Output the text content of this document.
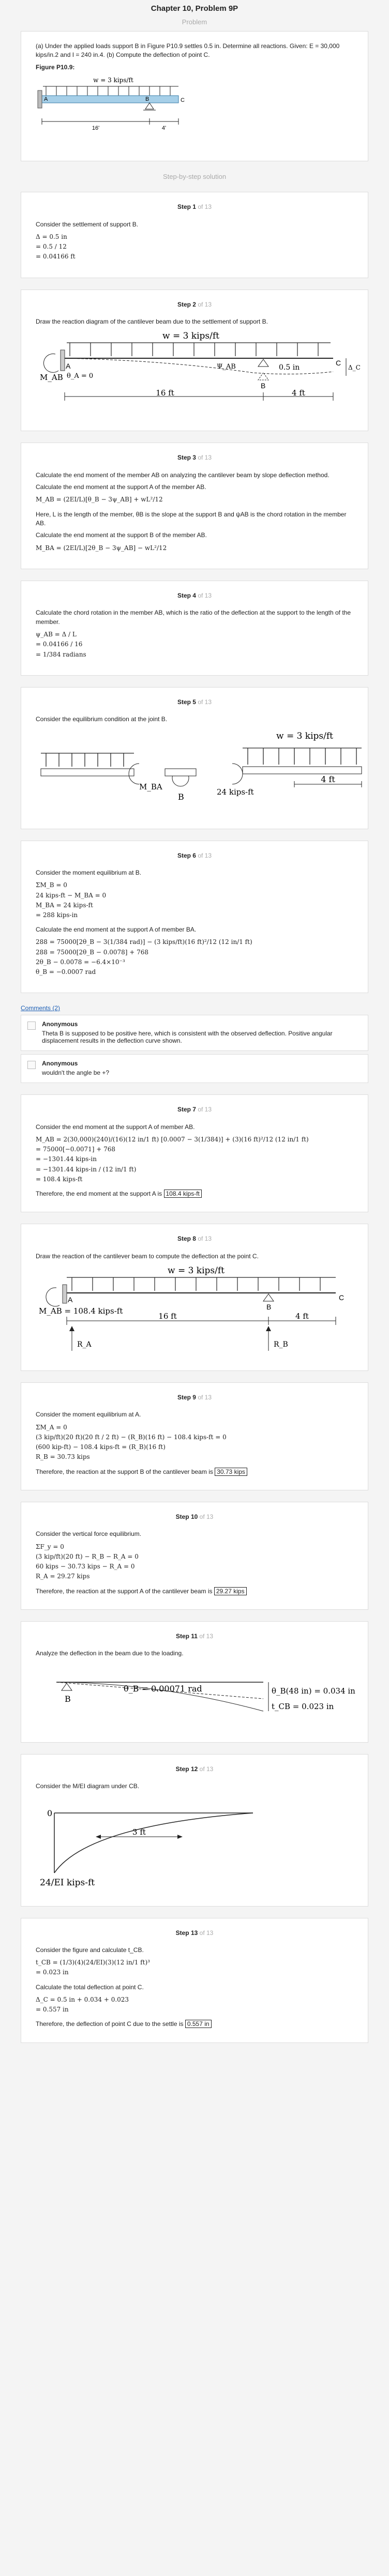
Chapter 10, Problem 9P
Problem

(a) Under the applied loads support B in Figure P10.9 settles 0.5 in. Determine all reactions. Given: E = 30,000 kips/in.2 and I = 240 in.4. (b) Compute the deflection of point C.

Figure P10.9:

w = 3 kips/ft
A	B	C
16'	4'
Step-by-step solution
Step 1 of 13

Consider the settlement of support B.

Δ = 0.5 in
= 0.5 / 12
= 0.04166 ft
Step 2 of 13

Draw the reaction diagram of the cantilever beam due to the settlement of support B.

w = 3 kips/ft
M_AB
A
θ_A = 0
Ψ_AB	0.5 in
B
C
Δ_C
16 ft	4 ft
Step 3 of 13

Calculate the end moment of the member AB on analyzing the cantilever beam by slope deflection method.

Calculate the end moment at the support A of the member AB.

M_AB = (2EI/L)[θ_B − 3ψ_AB] + wL²/12

Here, L is the length of the member, θB is the slope at the support B and ψAB is the chord rotation in the member AB.

Calculate the end moment at the support B of the member AB.

M_BA = (2EI/L)[2θ_B − 3ψ_AB] − wL²/12
Step 4 of 13

Calculate the chord rotation in the member AB, which is the ratio of the deflection at the support to the length of the member.

ψ_AB = Δ / L
= 0.04166 / 16
= 1/384 radians
Step 5 of 13

Consider the equilibrium condition at the joint B.

M_BA
B	24 kips-ft
w = 3 kips/ft
4 ft
Step 6 of 13

Consider the moment equilibrium at B.

ΣM_B = 0
24 kips-ft − M_BA = 0
M_BA = 24 kips-ft
= 288 kips-in

Calculate the end moment at the support A of member BA.

288 = 75000[2θ_B − 3(1/384 rad)] − (3 kips/ft)(16 ft)²/12 (12 in/1 ft)
288 = 75000[2θ_B − 0.0078] + 768
2θ_B − 0.0078 = −6.4×10⁻³
θ_B = −0.0007 rad
Comments (2)
Anonymous
Theta B is supposed to be positive here, which is consistent with the observed deflection. Positive angular displacement results in the deflection curve shown.
Anonymous
wouldn't the angle be +?
Step 7 of 13

Consider the end moment at the support A of member AB.

M_AB = 2(30,000)(240)/(16)(12 in/1 ft) [0.0007 − 3(1/384)] + (3)(16 ft)²/12 (12 in/1 ft)
= 75000[−0.0071] + 768
= −1301.44 kips-in
= −1301.44 kips-in / (12 in/1 ft)
= 108.4 kips-ft

Therefore, the end moment at the support A is 108.4 kips-ft

Step 8 of 13

Draw the reaction of the cantilever beam to compute the deflection at the point C.

w = 3 kips/ft
M_AB = 108.4 kips-ft
A
B
C
16 ft	4 ft
R_A	R_B
Step 9 of 13

Consider the moment equilibrium at A.

ΣM_A = 0
(3 kip/ft)(20 ft)(20 ft / 2 ft) − (R_B)(16 ft) − 108.4 kips-ft = 0
(600 kip-ft) − 108.4 kips-ft = (R_B)(16 ft)
R_B = 30.73 kips

Therefore, the reaction at the support B of the cantilever beam is 30.73 kips

Step 10 of 13

Consider the vertical force equilibrium.

ΣF_y = 0
(3 kip/ft)(20 ft) − R_B − R_A = 0
60 kips − 30.73 kips − R_A = 0
R_A = 29.27 kips

Therefore, the reaction at the support A of the cantilever beam is 29.27 kips

Step 11 of 13

Analyze the deflection in the beam due to the loading.

B
θ_B = 0.00071 rad	θ_B(48 in) = 0.034 in
t_CB = 0.023 in
Step 12 of 13

Consider the M/EI diagram under CB.

0
3 ft
24/EI kips-ft
Step 13 of 13

Consider the figure and calculate t_CB.

t_CB = (1/3)(4)(24/EI)(3)(12 in/1 ft)³
= 0.023 in

Calculate the total deflection at point C.

Δ_C = 0.5 in + 0.034 + 0.023
= 0.557 in

Therefore, the deflection of point C due to the settle is 0.557 in
